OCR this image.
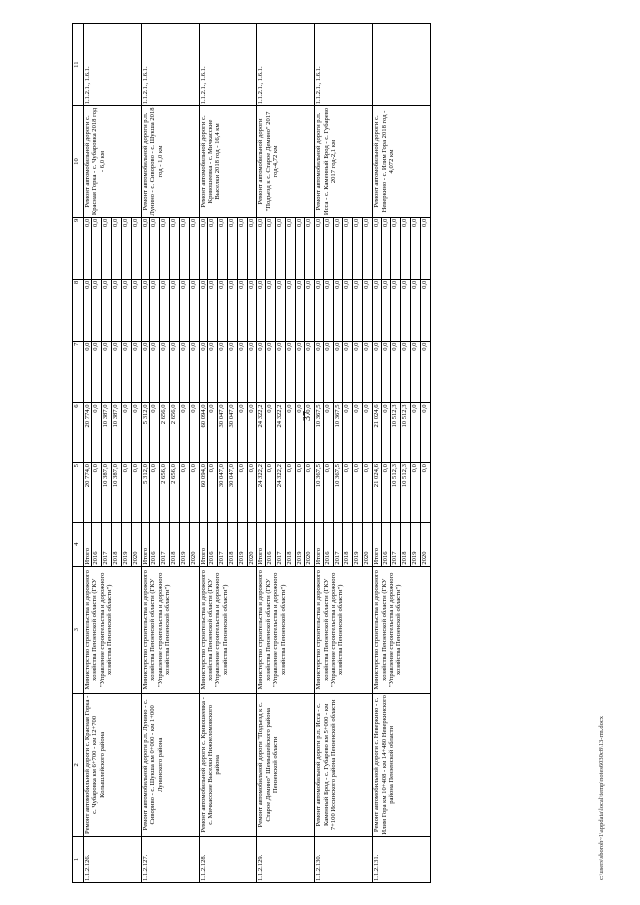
37
c:\users\sboroh~1\appdata\local\temp\notes6030c8\13-rm.docx
1	2	3	4	5	6	7	8	9	10	11
1.1.2.126.	Ремонт автомобильной дороги с. Красная Горка - с. Чубаровка км 6+700 - км 12+700 Колышлейского района	Министерство строительства и дорожного хозяйства Пензенской области (ГКУ "Управление строительства и дорожного хозяйства Пензенской области")	Итого	20 774,0	20 774,0	0,0	0,0	0,0	Ремонт автомобильной дороги с. Красная Горка - с. Чубаровка 2018 год - 6,0 км	1.1.2.1., 1.6.1.
			2016	0,0	0,0	0,0	0,0	0,0		
			2017	10 387,0	10 387,0	0,0	0,0	0,0		
			2018	10 387,0	10 387,0	0,0	0,0	0,0		
			2019	0,0	0,0	0,0	0,0	0,0		
			2020	0,0	0,0	0,0	0,0	0,0		
1.1.2.127.	Ремонт автомобильной дороги р.п. Лунино - с. Сивориво - с. Шукша км 0+000 - км 1+000 Лунинского района	Министерство строительства и дорожного хозяйства Пензенской области (ГКУ "Управление строительства и дорожного хозяйства Пензенской области")	Итого	5 312,0	5 312,0	0,0	0,0	0,0	Ремонт автомобильной дороги р.п. Лунино - с. Сиворово - с. Шукша 2018 год - 1,0 км	1.1.2.1., 1.6.1.
			2016	0,0	0,0	0,0	0,0	0,0		
			2017	2 656,0	2 656,0	0,0	0,0	0,0		
			2018	2 656,0	2 656,0	0,0	0,0	0,0		
			2019	0,0	0,0	0,0	0,0	0,0		
			2020	0,0	0,0	0,0	0,0	0,0		
1.1.2.128.	Ремонт автомобильной дороги с. Кривошеевка - с. Мичкасские Выселки Нижнеломовского района	Министерство строительства и дорожного хозяйства Пензенской области (ГКУ "Управление строительства и дорожного хозяйства Пензенской области")	Итого	60 094,0	60 094,0	0,0	0,0	0,0	Ремонт автомобильной дороги с. Кривошеевка - с. Мичкасские Выселки 2018 год - 16,4 км	1.1.2.1., 1.6.1.
			2016	0,0	0,0	0,0	0,0	0,0		
			2017	30 047,0	30 047,0	0,0	0,0	0,0		
			2018	30 047,0	30 047,0	0,0	0,0	0,0		
			2019	0,0	0,0	0,0	0,0	0,0		
			2020	0,0	0,0	0,0	0,0	0,0		
1.1.2.129.	Ремонт автомобильной дороги "Подъезд к с. Старое Демино" Шемышейского района Пензенской области	Министерство строительства и дорожного хозяйства Пензенской области (ГКУ "Управление строительства и дорожного хозяйства Пензенской области")	Итого	24 322,2	24 322,2	0,0	0,0	0,0	Ремонт автомобильной дороги "Подъезд к с. Старое Демино" 2017 год-4,72 км	1.1.2.1., 1.6.1.
			2016	0,0	0,0	0,0	0,0	0,0		
			2017	24 322,2	24 322,2	0,0	0,0	0,0		
			2018	0,0	0,0	0,0	0,0	0,0		
			2019	0,0	0,0	0,0	0,0	0,0		
			2020	0,0	0,0	0,0	0,0	0,0		
1.1.2.130.	Ремонт автомобильной дороги р.п. Исса - с. Каменный Брод - с. Губарево км 5+000 - км 7+100 Иссинского района Пензенской области	Министерство строительства и дорожного хозяйства Пензенской области (ГКУ "Управление строительства и дорожного хозяйства Пензенской области")	Итого	10 367,5	10 367,5	0,0	0,0	0,0	Ремонт автомобильной дороги р.п. Исса - с. Каменный Брод - с. Губарево 2017 год-2,1 км	1.1.2.1., 1.6.1.
			2016	0,0	0,0	0,0	0,0	0,0		
			2017	10 367,5	10 367,5	0,0	0,0	0,0		
			2018	0,0	0,0	0,0	0,0	0,0		
			2019	0,0	0,0	0,0	0,0	0,0		
			2020	0,0	0,0	0,0	0,0	0,0		
1.1.2.131.	Ремонт автомобильной дороги с. Неверкино - с. Илим Гора км 10+408 - км 14+480 Неверкинского района Пензенской области	Министерство строительства и дорожного хозяйства Пензенской области (ГКУ "Управление строительства и дорожного хозяйства Пензенской области")	Итого	21 024,6	21 024,6	0,0	0,0	0,0	Ремонт автомобильной дороги с. Неверкино - с. Илим Гора 2018 год - 4,072 км	
			2016	0,0	0,0	0,0	0,0	0,0		
			2017	10 512,3	10 512,3	0,0	0,0	0,0		
			2018	10 512,3	10 512,3	0,0	0,0	0,0		
			2019	0,0	0,0	0,0	0,0	0,0		
			2020	0,0	0,0	0,0	0,0	0,0		
